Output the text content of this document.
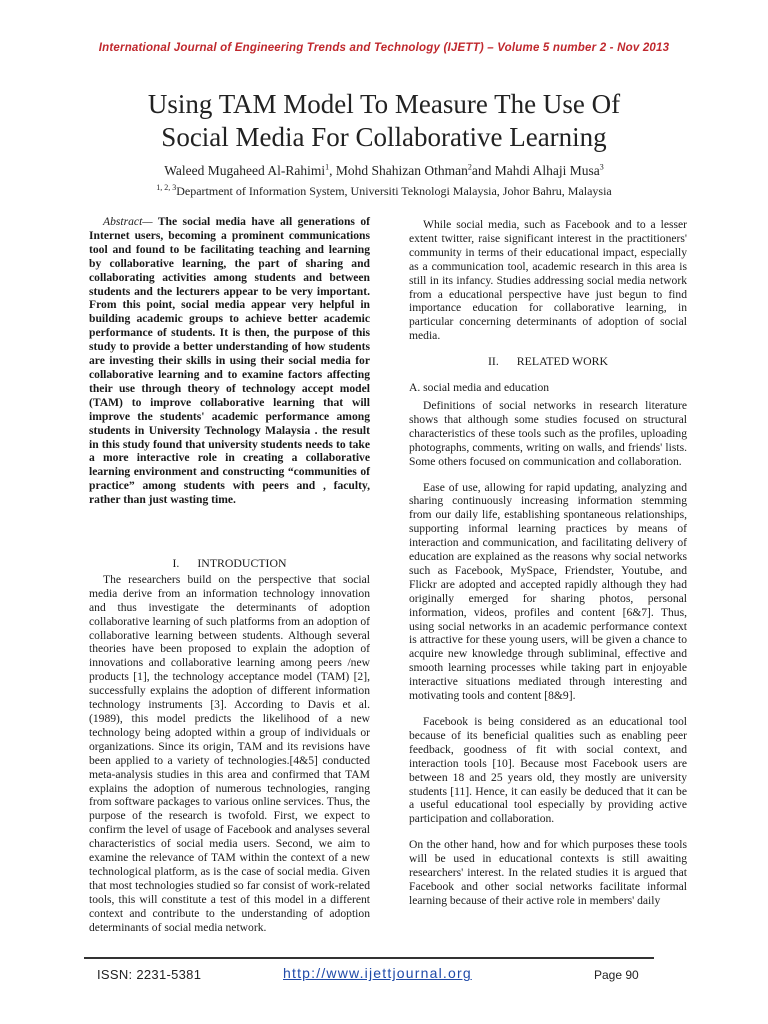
International Journal of Engineering Trends and Technology (IJETT) – Volume 5 number 2 - Nov 2013
Using TAM Model To Measure The Use Of
Social Media For Collaborative Learning
Waleed Mugaheed Al-Rahimi$^1$, Mohd Shahizan Othman$^2$and Mahdi Alhaji Musa$^3$
$^{1, 2, 3}$Department of Information System, Universiti Teknologi Malaysia, Johor Bahru, Malaysia

Abstract— The social media have all generations of Internet users, becoming a prominent communications tool and found to be facilitating teaching and learning by collaborative learning, the part of sharing and collaborating activities among students and between students and the lecturers appear to be very important. From this point, social media appear very helpful in building academic groups to achieve better academic performance of students. It is then, the purpose of this study to provide a better understanding of how students are investing their skills in using their social media for collaborative learning and to examine factors affecting their use through theory of technology accept model (TAM) to improve collaborative learning that will improve the students' academic performance among students in University Technology Malaysia . the result in this study found that university students needs to take a more interactive role in creating a collaborative learning environment and constructing “communities of practice” among students with peers and , faculty, rather than just wasting time.

I. INTRODUCTION

The researchers build on the perspective that social media derive from an information technology innovation and thus investigate the determinants of adoption collaborative learning of such platforms from an adoption of collaborative learning between students. Although several theories have been proposed to explain the adoption of innovations and collaborative learning among peers /new products [1], the technology acceptance model (TAM) [2], successfully explains the adoption of different information technology instruments [3]. According to Davis et al. (1989), this model predicts the likelihood of a new technology being adopted within a group of individuals or organizations. Since its origin, TAM and its revisions have been applied to a variety of technologies.[4&5] conducted meta-analysis studies in this area and confirmed that TAM explains the adoption of numerous technologies, ranging from software packages to various online services. Thus, the purpose of the research is twofold. First, we expect to confirm the level of usage of Facebook and analyses several characteristics of social media users. Second, we aim to examine the relevance of TAM within the context of a new technological platform, as is the case of social media. Given that most technologies studied so far consist of work-related tools, this will constitute a test of this model in a different context and contribute to the understanding of adoption determinants of social media network.

While social media, such as Facebook and to a lesser extent twitter, raise significant interest in the practitioners' community in terms of their educational impact, especially as a communication tool, academic research in this area is still in its infancy. Studies addressing social media network from a educational perspective have just begun to find importance education for collaborative learning, in particular concerning determinants of adoption of social media.

II. RELATED WORK

A. social media and education

Definitions of social networks in research literature shows that although some studies focused on structural characteristics of these tools such as the profiles, uploading photographs, comments, writing on walls, and friends' lists. Some others focused on communication and collaboration.

Ease of use, allowing for rapid updating, analyzing and sharing continuously increasing information stemming from our daily life, establishing spontaneous relationships, supporting informal learning practices by means of interaction and communication, and facilitating delivery of education are explained as the reasons why social networks such as Facebook, MySpace, Friendster, Youtube, and Flickr are adopted and accepted rapidly although they had originally emerged for sharing photos, personal information, videos, profiles and content [6&7]. Thus, using social networks in an academic performance context is attractive for these young users, will be given a chance to acquire new knowledge through subliminal, effective and smooth learning processes while taking part in enjoyable interactive situations mediated through interesting and motivating tools and content [8&9].

Facebook is being considered as an educational tool because of its beneficial qualities such as enabling peer feedback, goodness of fit with social context, and interaction tools [10]. Because most Facebook users are between 18 and 25 years old, they mostly are university students [11]. Hence, it can easily be deduced that it can be a useful educational tool especially by providing active participation and collaboration.

On the other hand, how and for which purposes these tools will be used in educational contexts is still awaiting researchers' interest. In the related studies it is argued that Facebook and other social networks facilitate informal learning because of their active role in members' daily

ISSN: 2231-5381	http://www.ijettjournal.org	Page 90
